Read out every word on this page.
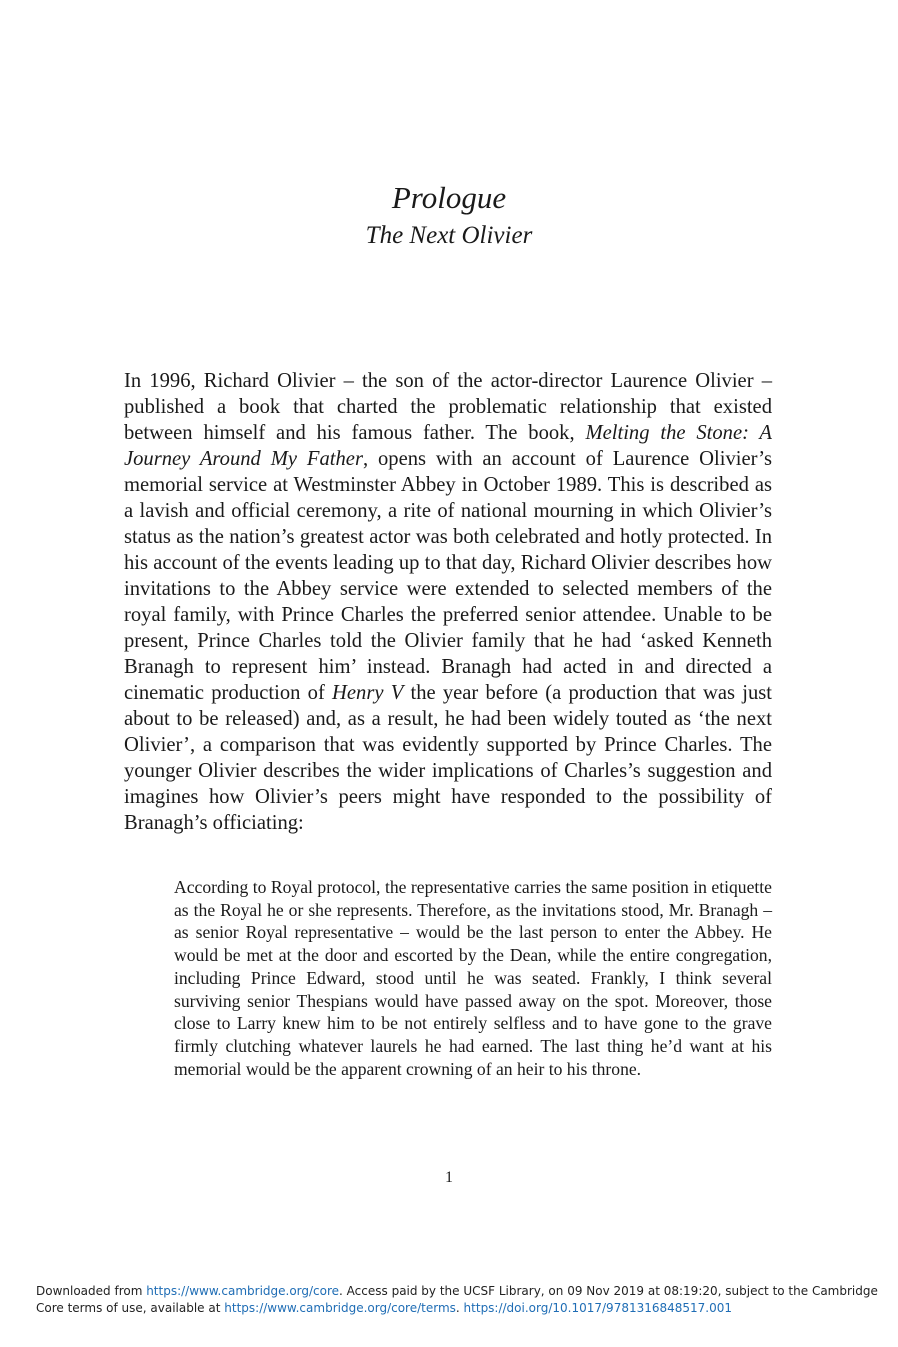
Prologue

The Next Olivier

In 1996, Richard Olivier – the son of the actor-director Laurence Olivier – published a book that charted the problematic relationship that existed between himself and his famous father. The book, Melting the Stone: A Journey Around My Father, opens with an account of Laurence Olivier’s memorial service at Westminster Abbey in October 1989. This is described as a lavish and official ceremony, a rite of national mourning in which Olivier’s status as the nation’s greatest actor was both celebrated and hotly protected. In his account of the events leading up to that day, Richard Olivier describes how invitations to the Abbey service were extended to selected members of the royal family, with Prince Charles the preferred senior attendee. Unable to be present, Prince Charles told the Olivier family that he had ‘asked Kenneth Branagh to represent him’ instead. Branagh had acted in and directed a cinematic production of Henry V the year before (a production that was just about to be released) and, as a result, he had been widely touted as ‘the next Olivier’, a comparison that was evidently supported by Prince Charles. The younger Olivier describes the wider implications of Charles’s suggestion and imagines how Olivier’s peers might have responded to the possibility of Branagh’s officiating:

According to Royal protocol, the representative carries the same position in etiquette as the Royal he or she represents. Therefore, as the invitations stood, Mr. Branagh – as senior Royal representative – would be the last person to enter the Abbey. He would be met at the door and escorted by the Dean, while the entire congregation, including Prince Edward, stood until he was seated. Frankly, I think several surviving senior Thespians would have passed away on the spot. Moreover, those close to Larry knew him to be not entirely selfless and to have gone to the grave firmly clutching whatever laurels he had earned. The last thing he’d want at his memorial would be the apparent crowning of an heir to his throne.

1
Downloaded from https://www.cambridge.org/core. Access paid by the UCSF Library, on 09 Nov 2019 at 08:19:20, subject to the Cambridge Core terms of use, available at https://www.cambridge.org/core/terms. https://doi.org/10.1017/9781316848517.001
